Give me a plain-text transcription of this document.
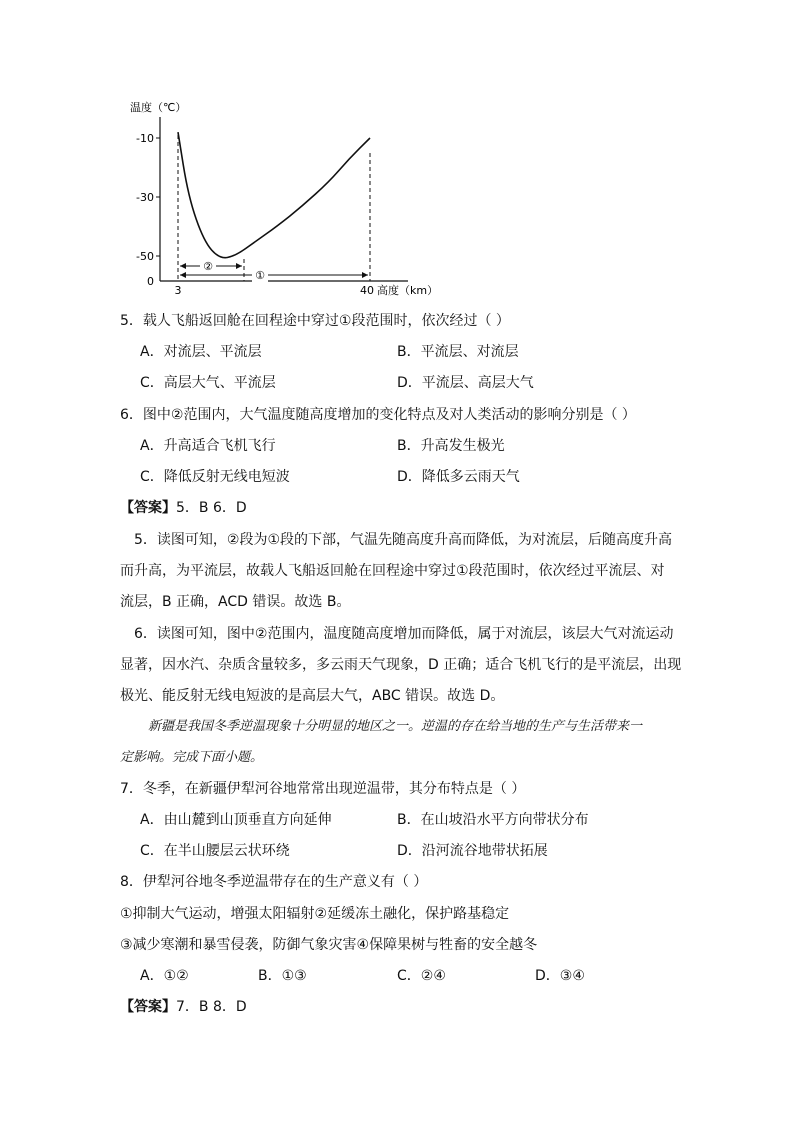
温度（℃）
-10
-30
-50
0
3	40 高度（km）
②
①
5．载人飞船返回舱在回程途中穿过①段范围时，依次经过（ ）
A．对流层、平流层	B．平流层、对流层
C．高层大气、平流层	D．平流层、高层大气
6．图中②范围内，大气温度随高度增加的变化特点及对人类活动的影响分别是（ ）
A．升高适合飞机飞行	B．升高发生极光
C．降低反射无线电短波	D．降低多云雨天气
【答案】5．B 6．D
5．读图可知，②段为①段的下部，气温先随高度升高而降低，为对流层，后随高度升高
而升高，为平流层，故载人飞船返回舱在回程途中穿过①段范围时，依次经过平流层、对
流层，B 正确，ACD 错误。故选 B。
6．读图可知，图中②范围内，温度随高度增加而降低，属于对流层，该层大气对流运动
显著，因水汽、杂质含量较多，多云雨天气现象，D 正确；适合飞机飞行的是平流层，出现
极光、能反射无线电短波的是高层大气，ABC 错误。故选 D。
新疆是我国冬季逆温现象十分明显的地区之一。逆温的存在给当地的生产与生活带来一
定影响。完成下面小题。
7．冬季，在新疆伊犁河谷地常常出现逆温带，其分布特点是（ ）
A．由山麓到山顶垂直方向延伸	B．在山坡沿水平方向带状分布
C．在半山腰层云状环绕	D．沿河流谷地带状拓展
8．伊犁河谷地冬季逆温带存在的生产意义有（ ）
①抑制大气运动，增强太阳辐射②延缓冻土融化，保护路基稳定
③减少寒潮和暴雪侵袭，防御气象灾害④保障果树与牲畜的安全越冬
A．①②	B．①③	C．②④	D．③④
【答案】7．B 8．D
